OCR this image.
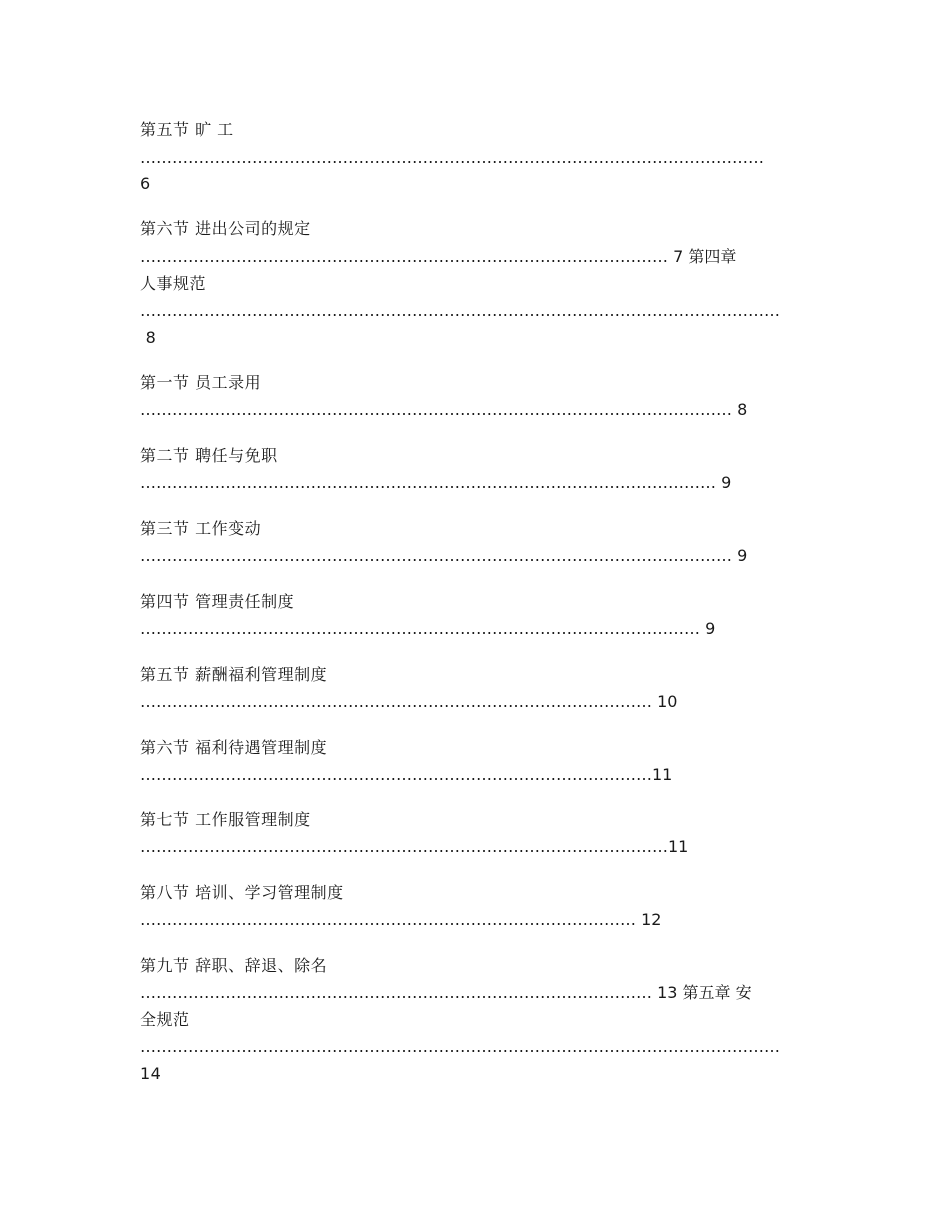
第五节 旷 工
………………………………………………………………………………………………………
6
第六节 进出公司的规定
……………………………………………………………………………………… 7 第四章
人事规范
…………………………………………………………………………………………………………
8
第一节 员工录用
………………………………………………………………………………………………… 8
第二节 聘任与免职
……………………………………………………………………………………………… 9
第三节 工作变动
………………………………………………………………………………………………… 9
第四节 管理责任制度
…………………………………………………………………………………………… 9
第五节 薪酬福利管理制度
…………………………………………………………………………………… 10
第六节 福利待遇管理制度
……………………………………………………………………………………11
第七节 工作服管理制度
………………………………………………………………………………………11
第八节 培训、学习管理制度
………………………………………………………………………………… 12
第九节 辞职、辞退、除名
…………………………………………………………………………………… 13 第五章 安
全规范
…………………………………………………………………………………………………………
14
